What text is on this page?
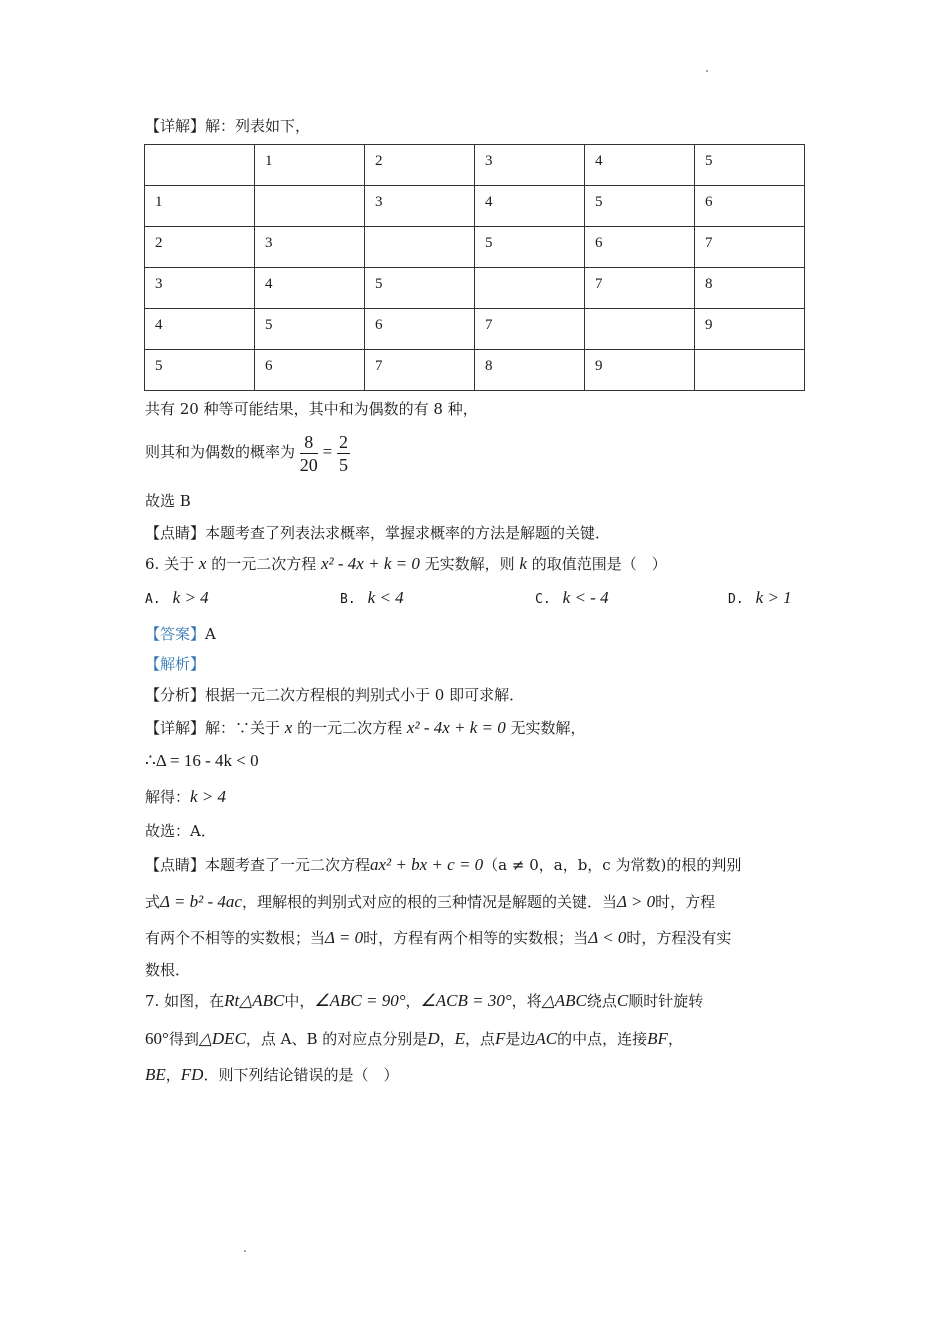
【详解】解：列表如下，
	1	2	3	4	5
1		3	4	5	6
2	3		5	6	7
3	4	5		7	8
4	5	6	7		9
5	6	7	8	9	
共有 20 种等可能结果，其中和为偶数的有 8 种，
则其和为偶数的概率为 $\frac{8}{20} = \frac{2}{5}$
故选 B
【点睛】本题考查了列表法求概率，掌握求概率的方法是解题的关键．
6. 关于 x 的一元二次方程 x² - 4x + k = 0 无实数解，则 k 的取值范围是（　）
A. k > 4	B. k < 4	C. k < - 4	D. k > 1
【答案】A
【解析】
【分析】根据一元二次方程根的判别式小于 0 即可求解．
【详解】解：∵关于 x 的一元二次方程 x² - 4x + k = 0 无实数解，
∴Δ = 16 - 4k < 0
解得：k > 4
故选：A．
【点睛】本题考查了一元二次方程ax² + bx + c = 0（a ≠ 0，a，b，c 为常数)的根的判别
式Δ = b² - 4ac，理解根的判别式对应的根的三种情况是解题的关键．当Δ > 0时，方程
有两个不相等的实数根；当Δ = 0时，方程有两个相等的实数根；当Δ < 0时，方程没有实
数根．
7. 如图，在Rt△ABC中，∠ABC = 90°，∠ACB = 30°，将△ABC绕点C顺时针旋转
60°得到△DEC，点 A、B 的对应点分别是D，E，点F是边AC的中点，连接BF，
BE，FD．则下列结论错误的是（　）
